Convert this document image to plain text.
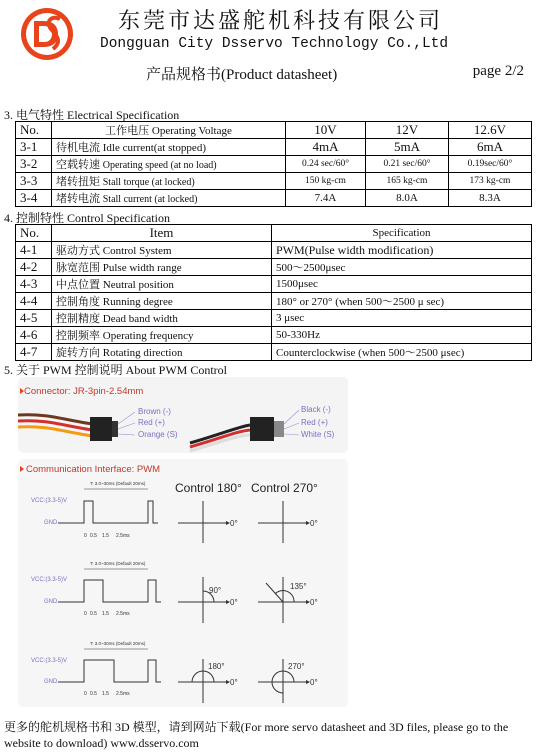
东莞市达盛舵机科技有限公司
Dongguan City Dsservo Technology Co.,Ltd
产品规格书(Product datasheet)	page 2/2
3. 电气特性 Electrical Specification
No.	工作电压 Operating Voltage	10V	12V	12.6V
3-1	待机电流 Idle current(at stopped)	4mA	5mA	6mA
3-2	空载转速 Operating speed (at no load)	0.24 sec/60°	0.21 sec/60°	0.19sec/60°
3-3	堵转扭矩 Stall torque (at locked)	150 kg-cm	165 kg-cm	173 kg-cm
3-4	堵转电流 Stall current (at locked)	7.4A	8.0A	8.3A
4. 控制特性 Control Specification
No.	Item	Specification
4-1	驱动方式 Control System	PWM(Pulse width modification)
4-2	脉宽范围 Pulse width range	500～2500μsec
4-3	中点位置 Neutral position	1500μsec
4-4	控制角度 Running degree	180° or 270° (when 500～2500 μ sec)
4-5	控制精度 Dead band width	3 μsec
4-6	控制频率 Operating frequency	50-330Hz
4-7	旋转方向 Rotating direction	Counterclockwise (when 500～2500 μsec)
5. 关于 PWM 控制说明 About PWM Control
Connector: JR-3pin-2.54mm
Brown (-)
Red (+)
Orange (S)
Black (-)
Red (+)
White (S)
Communication Interface: PWM
Control 180° Control 270°
VCC:(3.3-5)V
GND
T: 3.0~30ms (Default 20ms)
0 0.5 1.5 2.5ms
0°	0°
VCC:(3.3-5)V
GND
T: 3.0~30ms (Default 20ms)
0 0.5 1.5 2.5ms
90°
0°
135°
0°
VCC:(3.3-5)V
GND
T: 3.0~30ms (Default 20ms)
0 0.5 1.5 2.5ms
180°
0°
270°
0°
更多的舵机规格书和 3D 模型，请到网站下载(For more servo datasheet and 3D files, please go to the
website to download) www.dsservo.com
